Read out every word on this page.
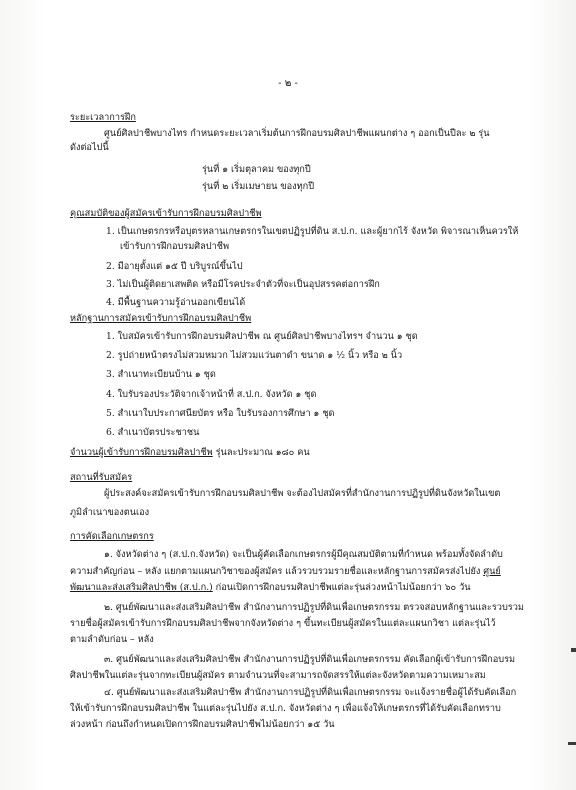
- ๒ -
ระยะเวลาการฝึก
ศูนย์ศิลปาชีพบางไทร กำหนดระยะเวลาเริ่มต้นการฝึกอบรมศิลปาชีพแผนกต่าง ๆ ออกเป็นปีละ ๒ รุ่น
ดังต่อไปนี้
รุ่นที่ ๑ เริ่มตุลาคม ของทุกปี
รุ่นที่ ๒ เริ่มเมษายน ของทุกปี
คุณสมบัติของผู้สมัครเข้ารับการฝึกอบรมศิลปาชีพ
1. เป็นเกษตรกรหรือบุตรหลานเกษตรกรในเขตปฏิรูปที่ดิน ส.ป.ก. และผู้ยากไร้ จังหวัด พิจารณาเห็นควรให้
เข้ารับการฝึกอบรมศิลปาชีพ
2. มีอายุตั้งแต่ ๑๕ ปี บริบูรณ์ขึ้นไป
3. ไม่เป็นผู้ติดยาเสพติด หรือมีโรคประจำตัวที่จะเป็นอุปสรรคต่อการฝึก
4. มีพื้นฐานความรู้อ่านออกเขียนได้
หลักฐานการสมัครเข้ารับการฝึกอบรมศิลปาชีพ
1. ใบสมัครเข้ารับการฝึกอบรมศิลปาชีพ ณ ศูนย์ศิลปาชีพบางไทรฯ จำนวน ๑ ชุด
2. รูปถ่ายหน้าตรงไม่สวมหมวก ไม่สวมแว่นตาดำ ขนาด ๑ ½ นิ้ว หรือ ๒ นิ้ว
3. สำเนาทะเบียนบ้าน ๑ ชุด
4. ใบรับรองประวัติจากเจ้าหน้าที่ ส.ป.ก. จังหวัด ๑ ชุด
5. สำเนาใบประกาศนียบัตร หรือ ใบรับรองการศึกษา ๑ ชุด
6. สำเนาบัตรประชาชน
จำนวนผู้เข้ารับการฝึกอบรมศิลปาชีพ รุ่นละประมาณ ๑๘๐ คน
สถานที่รับสมัคร
ผู้ประสงค์จะสมัครเข้ารับการฝึกอบรมศิลปาชีพ จะต้องไปสมัครที่สำนักงานการปฏิรูปที่ดินจังหวัดในเขต
ภูมิลำเนาของตนเอง
การคัดเลือกเกษตรกร
๑. จังหวัดต่าง ๆ (ส.ป.ก.จังหวัด) จะเป็นผู้คัดเลือกเกษตรกรผู้มีคุณสมบัติตามที่กำหนด พร้อมทั้งจัดลำดับ
ความสำคัญก่อน – หลัง แยกตามแผนกวิชาของผู้สมัคร แล้วรวบรวมรายชื่อและหลักฐานการสมัครส่งไปยัง ศูนย์
พัฒนาและส่งเสริมศิลปาชีพ (ส.ป.ก.) ก่อนเปิดการฝึกอบรมศิลปาชีพแต่ละรุ่นล่วงหน้าไม่น้อยกว่า ๖๐ วัน
๒. ศูนย์พัฒนาและส่งเสริมศิลปาชีพ สำนักงานการปฏิรูปที่ดินเพื่อเกษตรกรรม ตรวจสอบหลักฐานและรวบรวม
รายชื่อผู้สมัครเข้ารับการฝึกอบรมศิลปาชีพจากจังหวัดต่าง ๆ ขึ้นทะเบียนผู้สมัครในแต่ละแผนกวิชา แต่ละรุ่นไว้
ตามลำดับก่อน – หลัง
๓. ศูนย์พัฒนาและส่งเสริมศิลปาชีพ สำนักงานการปฏิรูปที่ดินเพื่อเกษตรกรรม คัดเลือกผู้เข้ารับการฝึกอบรม
ศิลปาชีพในแต่ละรุ่นจากทะเบียนผู้สมัคร ตามจำนวนที่จะสามารถจัดสรรให้แต่ละจังหวัดตามความเหมาะสม
๔. ศูนย์พัฒนาและส่งเสริมศิลปาชีพ สำนักงานการปฏิรูปที่ดินเพื่อเกษตรกรรม จะแจ้งรายชื่อผู้ได้รับคัดเลือก
ให้เข้ารับการฝึกอบรมศิลปาชีพ ในแต่ละรุ่นไปยัง ส.ป.ก. จังหวัดต่าง ๆ เพื่อแจ้งให้เกษตรกรที่ได้รับคัดเลือกทราบ
ล่วงหน้า ก่อนถึงกำหนดเปิดการฝึกอบรมศิลปาชีพไม่น้อยกว่า ๑๕ วัน
